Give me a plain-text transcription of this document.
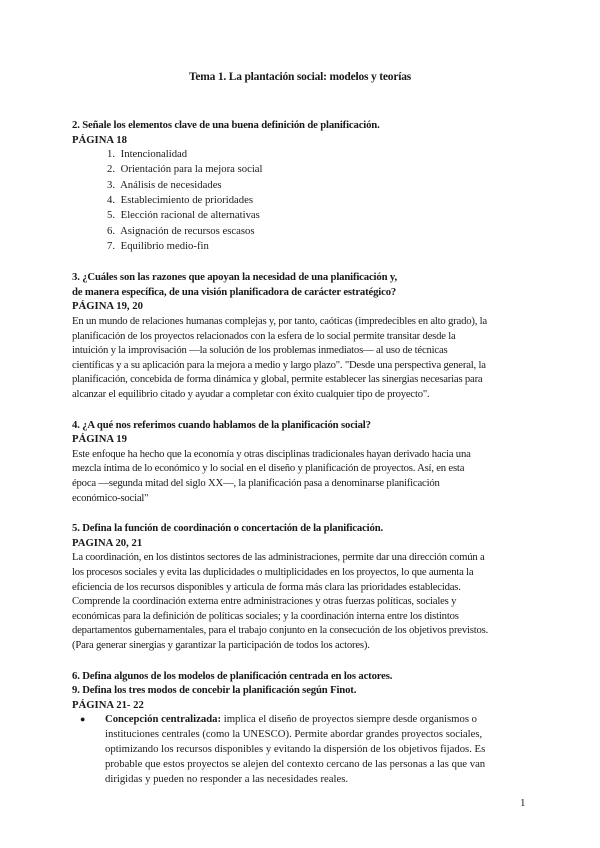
Tema 1. La plantación social: modelos y teorías

2. Señale los elementos clave de una buena definición de planificación.

PÁGINA 18

1. Intencionalidad
2. Orientación para la mejora social
3. Análisis de necesidades
4. Establecimiento de prioridades
5. Elección racional de alternativas
6. Asignación de recursos escasos
7. Equilibrio medio-fin

3. ¿Cuáles son las razones que apoyan la necesidad de una planificación y,

de manera específica, de una visión planificadora de carácter estratégico?

PÁGINA 19, 20

En un mundo de relaciones humanas complejas y, por tanto, caóticas (impredecibles en alto grado), la

planificación de los proyectos relacionados con la esfera de lo social permite transitar desde la

intuición y la improvisación —la solución de los problemas inmediatos— al uso de técnicas

científicas y a su aplicación para la mejora a medio y largo plazo". "Desde una perspectiva general, la

planificación, concebida de forma dinámica y global, permite establecer las sinergias necesarias para

alcanzar el equilibrio citado y ayudar a completar con éxito cualquier tipo de proyecto".

4. ¿A qué nos referimos cuando hablamos de la planificación social?

PÁGINA 19

Este enfoque ha hecho que la economía y otras disciplinas tradicionales hayan derivado hacia una

mezcla íntima de lo económico y lo social en el diseño y planificación de proyectos. Así, en esta

época —segunda mitad del siglo XX—, la planificación pasa a denominarse planificación

económico-social"

5. Defina la función de coordinación o concertación de la planificación.

PAGINA 20, 21

La coordinación, en los distintos sectores de las administraciones, permite dar una dirección común a

los procesos sociales y evita las duplicidades o multiplicidades en los proyectos, lo que aumenta la

eficiencia de los recursos disponibles y articula de forma más clara las prioridades establecidas.

Comprende la coordinación externa entre administraciones y otras fuerzas políticas, sociales y

económicas para la definición de políticas sociales; y la coordinación interna entre los distintos

departamentos gubernamentales, para el trabajo conjunto en la consecución de los objetivos previstos.

(Para generar sinergias y garantizar la participación de todos los actores).

6. Defina algunos de los modelos de planificación centrada en los actores.

9. Defina los tres modos de concebir la planificación según Finot.

PÁGINA 21- 22

● Concepción centralizada: implica el diseño de proyectos siempre desde organismos o
instituciones centrales (como la UNESCO). Permite abordar grandes proyectos sociales,
optimizando los recursos disponibles y evitando la dispersión de los objetivos fijados. Es
probable que estos proyectos se alejen del contexto cercano de las personas a las que van
dirigidas y pueden no responder a las necesidades reales.
1
